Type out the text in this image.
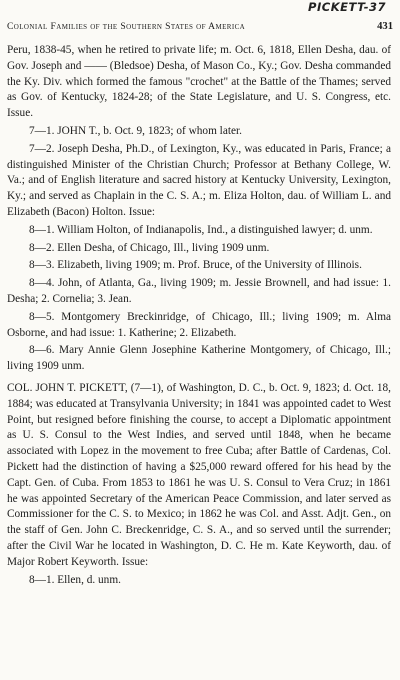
PICKETT-37
Colonial Families of the Southern States of America	431

Peru, 1838-45, when he retired to private life; m. Oct. 6, 1818, Ellen Desha, dau. of Gov. Joseph and —— (Bledsoe) Desha, of Mason Co., Ky.; Gov. Desha commanded the Ky. Div. which formed the famous "crochet" at the Battle of the Thames; served as Gov. of Kentucky, 1824-28; of the State Legislature, and U. S. Congress, etc. Issue.

7—1. JOHN T., b. Oct. 9, 1823; of whom later.

7—2. Joseph Desha, Ph.D., of Lexington, Ky., was educated in Paris, France; a distinguished Minister of the Christian Church; Professor at Bethany College, W. Va.; and of English literature and sacred history at Kentucky University, Lexington, Ky.; and served as Chaplain in the C. S. A.; m. Eliza Holton, dau. of William L. and Elizabeth (Bacon) Holton. Issue:

8—1. William Holton, of Indianapolis, Ind., a distinguished lawyer; d. unm.

8—2. Ellen Desha, of Chicago, Ill., living 1909 unm.

8—3. Elizabeth, living 1909; m. Prof. Bruce, of the University of Illinois.

8—4. John, of Atlanta, Ga., living 1909; m. Jessie Brownell, and had issue: 1. Desha; 2. Cornelia; 3. Jean.

8—5. Montgomery Breckinridge, of Chicago, Ill.; living 1909; m. Alma Osborne, and had issue: 1. Katherine; 2. Elizabeth.

8—6. Mary Annie Glenn Josephine Katherine Montgomery, of Chicago, Ill.; living 1909 unm.

COL. JOHN T. PICKETT, (7—1), of Washington, D. C., b. Oct. 9, 1823; d. Oct. 18, 1884; was educated at Transylvania University; in 1841 was appointed cadet to West Point, but resigned before finishing the course, to accept a Diplomatic appointment as U. S. Consul to the West Indies, and served until 1848, when he became associated with Lopez in the movement to free Cuba; after Battle of Cardenas, Col. Pickett had the distinction of having a $25,000 reward offered for his head by the Capt. Gen. of Cuba. From 1853 to 1861 he was U. S. Consul to Vera Cruz; in 1861 he was appointed Secretary of the American Peace Commission, and later served as Commissioner for the C. S. to Mexico; in 1862 he was Col. and Asst. Adjt. Gen., on the staff of Gen. John C. Breckenridge, C. S. A., and so served until the surrender; after the Civil War he located in Washington, D. C. He m. Kate Keyworth, dau. of Major Robert Keyworth. Issue:

8—1. Ellen, d. unm.
